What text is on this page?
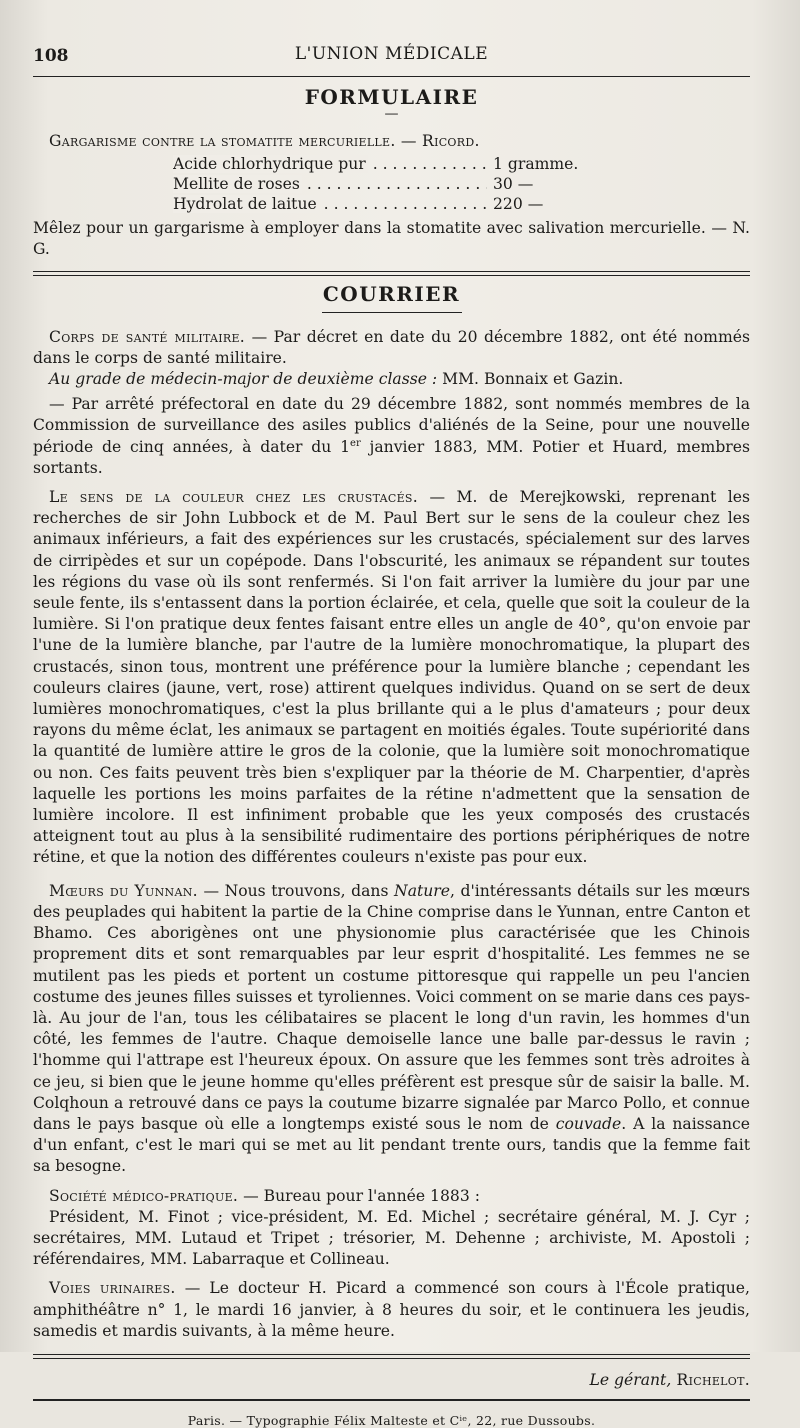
108	L'UNION MÉDICALE
FORMULAIRE
—

Gargarisme contre la stomatite mercurielle. — Ricord.

Acide chlorhydrique pur . . .	1 gramme.
Mellite de roses . . .	30 —
Hydrolat de laitue . . .	220 —

Mêlez pour un gargarisme à employer dans la stomatite avec salivation mercurielle. — N. G.

COURRIER

Corps de santé militaire. — Par décret en date du 20 décembre 1882, ont été nommés dans le corps de santé militaire.

Au grade de médecin-major de deuxième classe : MM. Bonnaix et Gazin.

— Par arrêté préfectoral en date du 29 décembre 1882, sont nommés membres de la Commission de surveillance des asiles publics d'aliénés de la Seine, pour une nouvelle période de cinq années, à dater du 1er janvier 1883, MM. Potier et Huard, membres sortants.

Le sens de la couleur chez les crustacés. — M. de Merejkowski, reprenant les recherches de sir John Lubbock et de M. Paul Bert sur le sens de la couleur chez les animaux inférieurs, a fait des expériences sur les crustacés, spécialement sur des larves de cirripèdes et sur un copépode. Dans l'obscurité, les animaux se répandent sur toutes les régions du vase où ils sont renfermés. Si l'on fait arriver la lumière du jour par une seule fente, ils s'entassent dans la portion éclairée, et cela, quelle que soit la couleur de la lumière. Si l'on pratique deux fentes faisant entre elles un angle de 40°, qu'on envoie par l'une de la lumière blanche, par l'autre de la lumière monochromatique, la plupart des crustacés, sinon tous, montrent une préférence pour la lumière blanche ; cependant les couleurs claires (jaune, vert, rose) attirent quelques individus. Quand on se sert de deux lumières monochromatiques, c'est la plus brillante qui a le plus d'amateurs ; pour deux rayons du même éclat, les animaux se partagent en moitiés égales. Toute supériorité dans la quantité de lumière attire le gros de la colonie, que la lumière soit monochromatique ou non. Ces faits peuvent très bien s'expliquer par la théorie de M. Charpentier, d'après laquelle les portions les moins parfaites de la rétine n'admettent que la sensation de lumière incolore. Il est infiniment probable que les yeux composés des crustacés atteignent tout au plus à la sensibilité rudimentaire des portions périphériques de notre rétine, et que la notion des différentes couleurs n'existe pas pour eux.

Mœurs du Yunnan. — Nous trouvons, dans Nature, d'intéressants détails sur les mœurs des peuplades qui habitent la partie de la Chine comprise dans le Yunnan, entre Canton et Bhamo. Ces aborigènes ont une physionomie plus caractérisée que les Chinois proprement dits et sont remarquables par leur esprit d'hospitalité. Les femmes ne se mutilent pas les pieds et portent un costume pittoresque qui rappelle un peu l'ancien costume des jeunes filles suisses et tyroliennes. Voici comment on se marie dans ces pays-là. Au jour de l'an, tous les célibataires se placent le long d'un ravin, les hommes d'un côté, les femmes de l'autre. Chaque demoiselle lance une balle par-dessus le ravin ; l'homme qui l'attrape est l'heureux époux. On assure que les femmes sont très adroites à ce jeu, si bien que le jeune homme qu'elles préfèrent est presque sûr de saisir la balle. M. Colqhoun a retrouvé dans ce pays la coutume bizarre signalée par Marco Pollo, et connue dans le pays basque où elle a longtemps existé sous le nom de couvade. A la naissance d'un enfant, c'est le mari qui se met au lit pendant trente ours, tandis que la femme fait sa besogne.

Société médico-pratique. — Bureau pour l'année 1883 :

Président, M. Finot ; vice-président, M. Ed. Michel ; secrétaire général, M. J. Cyr ; secrétaires, MM. Lutaud et Tripet ; trésorier, M. Dehenne ; archiviste, M. Apostoli ; référendaires, MM. Labarraque et Collineau.

Voies urinaires. — Le docteur H. Picard a commencé son cours à l'École pratique, amphithéâtre n° 1, le mardi 16 janvier, à 8 heures du soir, et le continuera les jeudis, samedis et mardis suivants, à la même heure.

Le gérant, Richelot.
Paris. — Typographie Félix Malteste et Cⁱᵉ, 22, rue Dussoubs.
